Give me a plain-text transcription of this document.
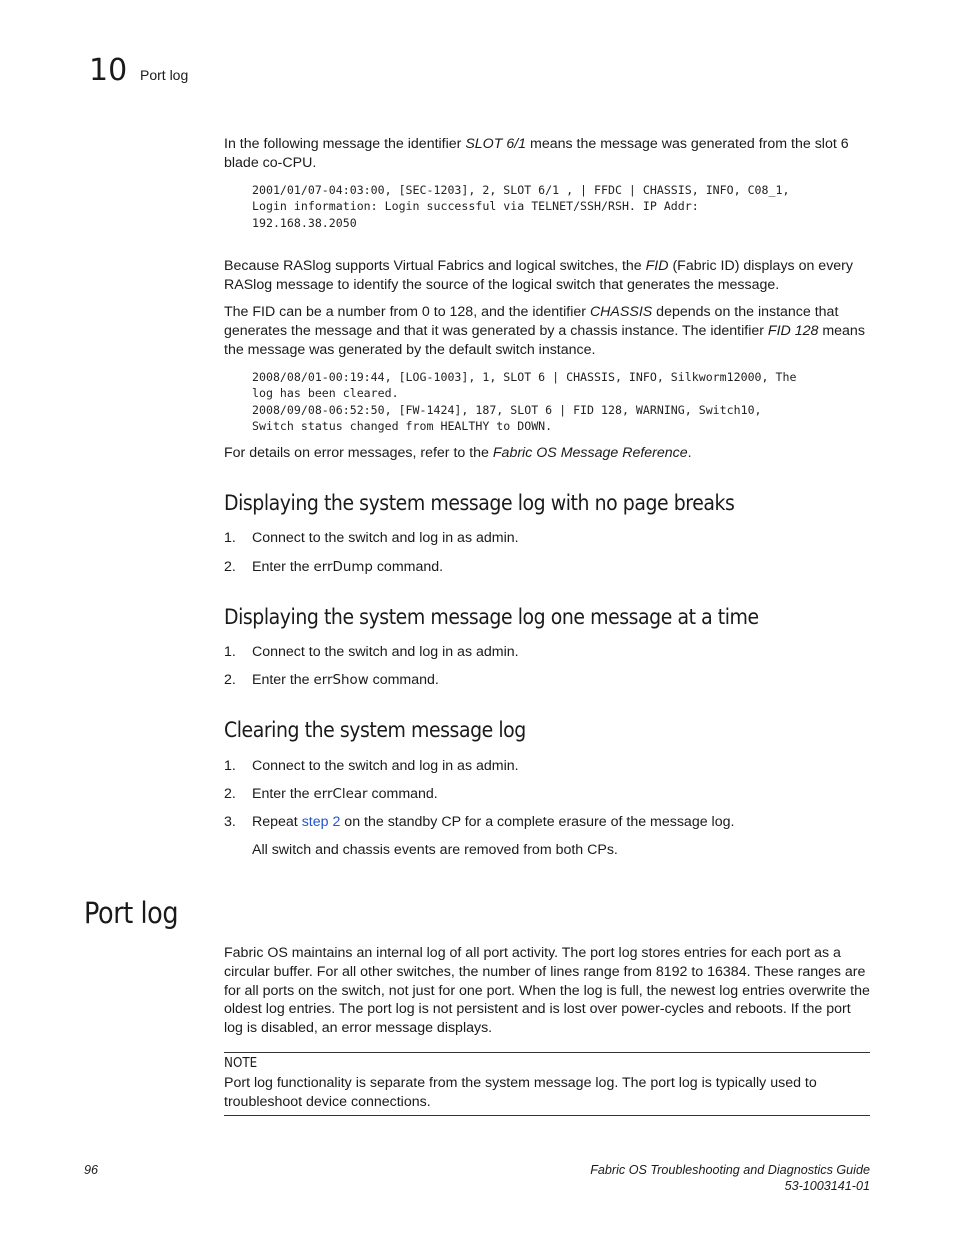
10 Port log
In the following message the identifier SLOT 6/1 means the message was generated from the slot 6 blade co-CPU.
2001/01/07-04:03:00, [SEC-1203], 2, SLOT 6/1 , | FFDC | CHASSIS, INFO, C08_1,
Login information: Login successful via TELNET/SSH/RSH. IP Addr:
192.168.38.2050
Because RASlog supports Virtual Fabrics and logical switches, the FID (Fabric ID) displays on every RASlog message to identify the source of the logical switch that generates the message.
The FID can be a number from 0 to 128, and the identifier CHASSIS depends on the instance that generates the message and that it was generated by a chassis instance. The identifier FID 128 means the message was generated by the default switch instance.
2008/08/01-00:19:44, [LOG-1003], 1, SLOT 6 | CHASSIS, INFO, Silkworm12000, The
log has been cleared.
2008/09/08-06:52:50, [FW-1424], 187, SLOT 6 | FID 128, WARNING, Switch10,
Switch status changed from HEALTHY to DOWN.
For details on error messages, refer to the Fabric OS Message Reference.
Displaying the system message log with no page breaks
1. Connect to the switch and log in as admin.
2. Enter the errDump command.
Displaying the system message log one message at a time
1. Connect to the switch and log in as admin.
2. Enter the errShow command.
Clearing the system message log
1. Connect to the switch and log in as admin.
2. Enter the errClear command.
3. Repeat step 2 on the standby CP for a complete erasure of the message log.
All switch and chassis events are removed from both CPs.
Port log
Fabric OS maintains an internal log of all port activity. The port log stores entries for each port as a circular buffer. For all other switches, the number of lines range from 8192 to 16384. These ranges are for all ports on the switch, not just for one port. When the log is full, the newest log entries overwrite the oldest log entries. The port log is not persistent and is lost over power-cycles and reboots. If the port log is disabled, an error message displays.
NOTE
Port log functionality is separate from the system message log. The port log is typically used to troubleshoot device connections.
96	Fabric OS Troubleshooting and Diagnostics Guide
53-1003141-01
